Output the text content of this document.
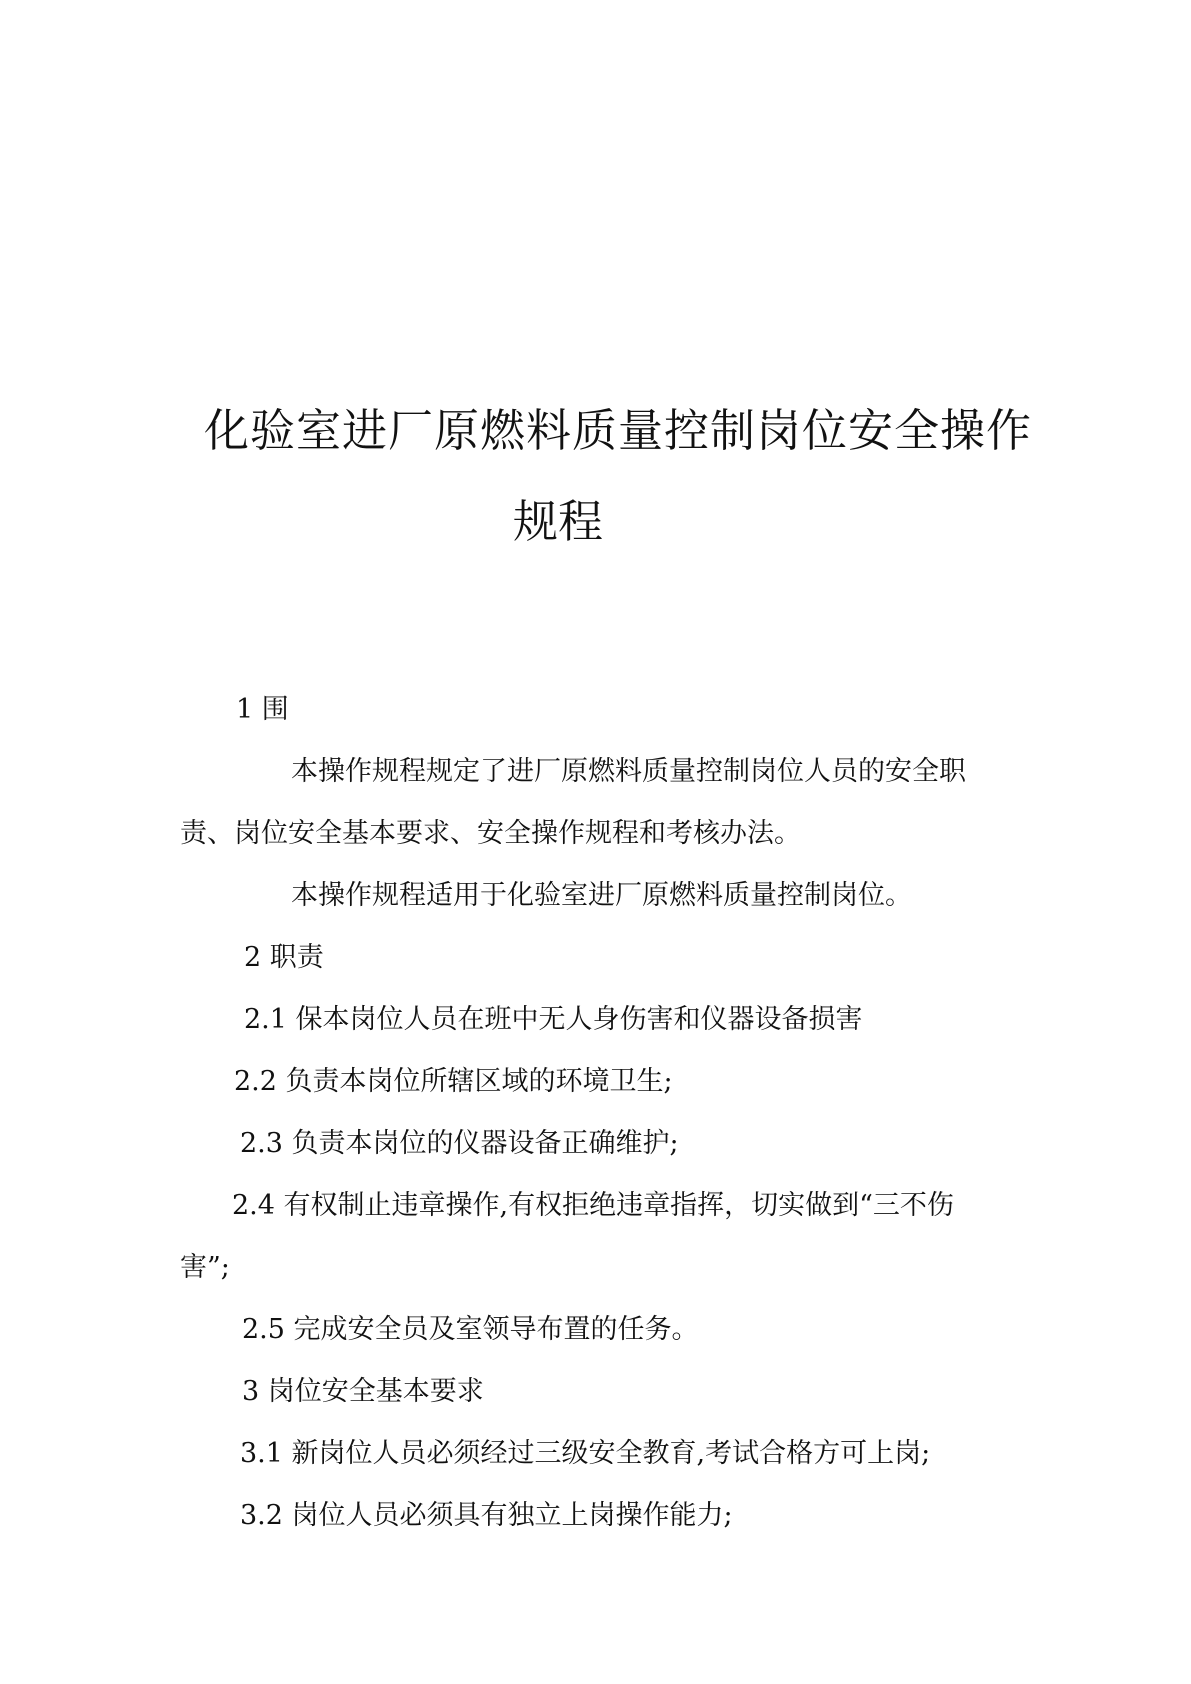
化验室进厂原燃料质量控制岗位安全操作
规程
1 围
本操作规程规定了进厂原燃料质量控制岗位人员的安全职
责、岗位安全基本要求、安全操作规程和考核办法。
本操作规程适用于化验室进厂原燃料质量控制岗位。
2 职责
2.1 保本岗位人员在班中无人身伤害和仪器设备损害
2.2 负责本岗位所辖区域的环境卫生;
2.3 负责本岗位的仪器设备正确维护;
2.4 有权制止违章操作,有权拒绝违章指挥，切实做到“三不伤
害”;
2.5 完成安全员及室领导布置的任务。
3 岗位安全基本要求
3.1 新岗位人员必须经过三级安全教育,考试合格方可上岗;
3.2 岗位人员必须具有独立上岗操作能力;
